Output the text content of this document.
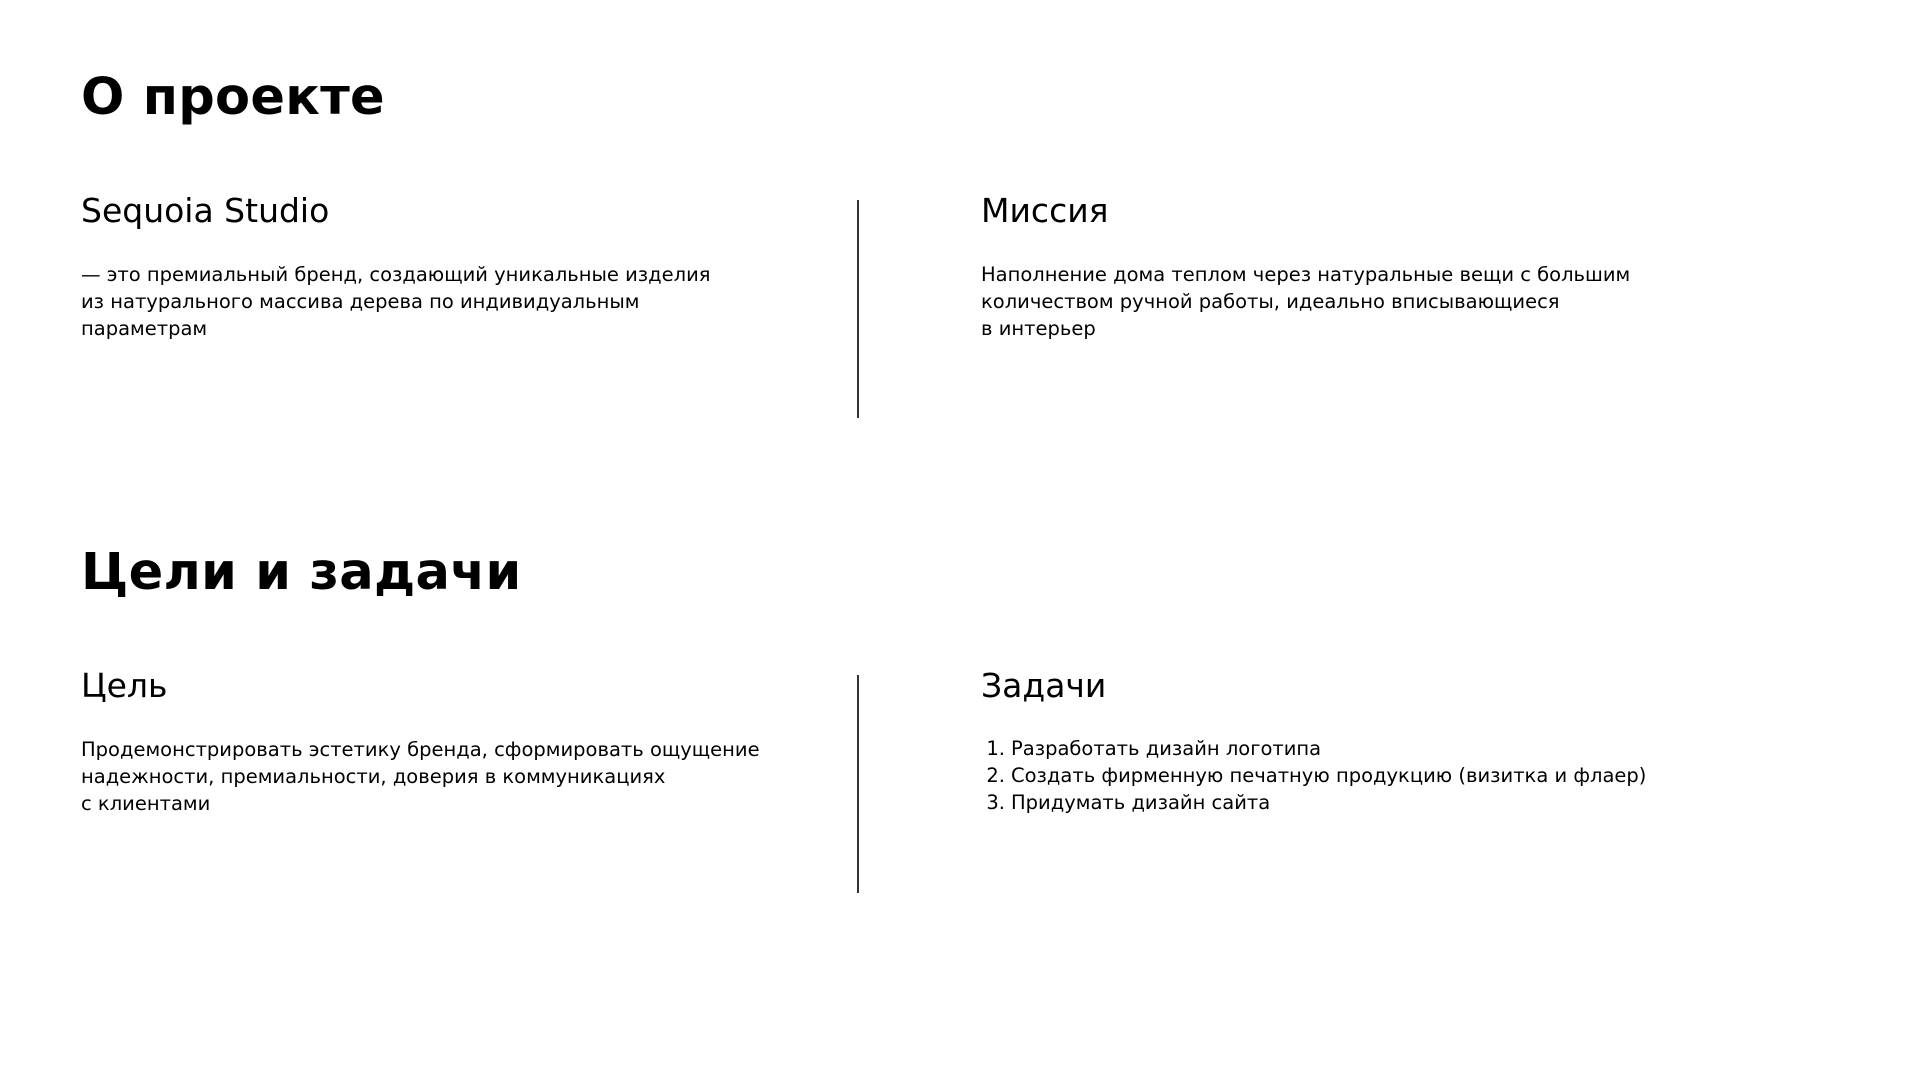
О проекте
Sequoia Studio

— это премиальный бренд, создающий уникальные изделия
из натурального массива дерева по индивидуальным
параметрам

Миссия

Наполнение дома теплом через натуральные вещи с большим
количеством ручной работы, идеально вписывающиеся
в интерьер

Цели и задачи
Цель

Продемонстрировать эстетику бренда, сформировать ощущение
надежности, премиальности, доверия в коммуникациях
с клиентами

Задачи
1. Разработать дизайн логотипа
2. Создать фирменную печатную продукцию (визитка и флаер)
3. Придумать дизайн сайта
